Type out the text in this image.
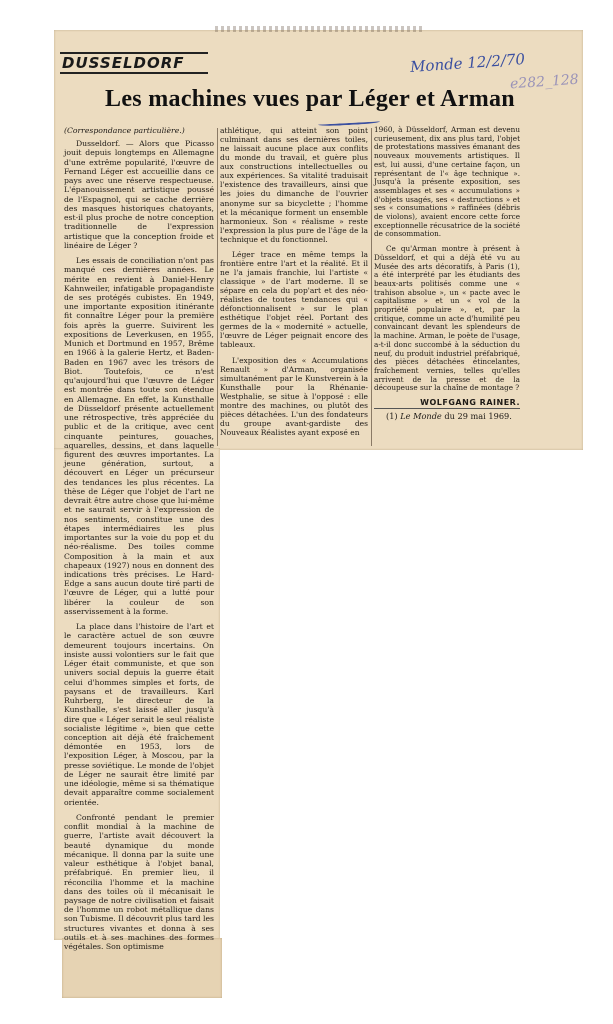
DUSSELDORF	Monde 12/2/70
e282_128
Les machines vues par Léger et Arman

(Correspondance particulière.)

Dusseldorf. — Alors que Picasso jouit depuis longtemps en Allemagne d'une extrême popularité, l'œuvre de Fernand Léger est accueillie dans ce pays avec une réserve respectueuse. L'épanouissement artistique poussé de l'Espagnol, qui se cache derrière des masques historiques chatoyants, est-il plus proche de notre conception traditionnelle de l'expression artistique que la conception froide et linéaire de Léger ?

Les essais de conciliation n'ont pas manqué ces dernières années. Le mérite en revient à Daniel-Henry Kahnweiler, infatigable propagandiste de ses protégés cubistes. En 1949, une importante exposition itinérante fit connaître Léger pour la première fois après la guerre. Suivirent les expositions de Leverkusen, en 1955, Munich et Dortmund en 1957, Brême en 1966 à la galerie Hertz, et Baden-Baden en 1967 avec les trésors de Biot. Toutefois, ce n'est qu'aujourd'hui que l'œuvre de Léger est montrée dans toute son étendue en Allemagne. En effet, la Kunsthalle de Düsseldorf présente actuellement une rétrospective, très appréciée du public et de la critique, avec cent cinquante peintures, gouaches, aquarelles, dessins, et dans laquelle figurent des œuvres importantes. La jeune génération, surtout, a découvert en Léger un précurseur des tendances les plus récentes. La thèse de Léger que l'objet de l'art ne devrait être autre chose que lui-même et ne saurait servir à l'expression de nos sentiments, constitue une des étapes intermédiaires les plus importantes sur la voie du pop et du néo-réalisme. Des toiles comme Composition à la main et aux chapeaux (1927) nous en donnent des indications très précises. Le Hard-Edge a sans aucun doute tiré parti de l'œuvre de Léger, qui a lutté pour libérer la couleur de son asservissement à la forme.

La place dans l'histoire de l'art et le caractère actuel de son œuvre demeurent toujours incertains. On insiste aussi volontiers sur le fait que Léger était communiste, et que son univers social depuis la guerre était celui d'hommes simples et forts, de paysans et de travailleurs. Karl Ruhrberg, le directeur de la Kunsthalle, s'est laissé aller jusqu'à dire que « Léger serait le seul réaliste socialiste légitime », bien que cette conception ait déjà été fraîchement démontée en 1953, lors de l'exposition Léger, à Moscou, par la presse soviétique. Le monde de l'objet de Léger ne saurait être limité par une idéologie, même si sa thématique devait apparaître comme socialement orientée.

Confronté pendant le premier conflit mondial à la machine de guerre, l'artiste avait découvert la beauté dynamique du monde mécanique. Il donna par la suite une valeur esthétique à l'objet banal, préfabriqué. En premier lieu, il réconcilia l'homme et la machine dans des toiles où il mécanisait le paysage de notre civilisation et faisait de l'homme un robot métallique dans son Tubisme. Il découvrit plus tard les structures vivantes et donna à ses outils et à ses machines des formes végétales. Son optimisme

athlétique, qui atteint son point culminant dans ses dernières toiles, ne laissait aucune place aux conflits du monde du travail, et guère plus aux constructions intellectuelles ou aux expériences. Sa vitalité traduisait l'existence des travailleurs, ainsi que les joies du dimanche de l'ouvrier anonyme sur sa bicyclette ; l'homme et la mécanique forment un ensemble harmonieux. Son « réalisme » reste l'expression la plus pure de l'âge de la technique et du fonctionnel.

Léger trace en même temps la frontière entre l'art et la réalité. Et il ne l'a jamais franchie, lui l'artiste « classique » de l'art moderne. Il se sépare en cela du pop'art et des néo-réalistes de toutes tendances qui « défonctionnalisent » sur le plan esthétique l'objet réel. Portant des germes de la « modernité » actuelle, l'œuvre de Léger peignait encore des tableaux.

L'exposition des « Accumulations Renault » d'Arman, organisée simultanément par le Kunstverein à la Kunsthalle pour la Rhénanie-Westphalie, se situe à l'opposé : elle montre des machines, ou plutôt des pièces détachées. L'un des fondateurs du groupe avant-gardiste des Nouveaux Réalistes ayant exposé en

1960, à Düsseldorf, Arman est devenu curieusement, dix ans plus tard, l'objet de protestations massives émanant des nouveaux mouvements artistiques. Il est, lui aussi, d'une certaine façon, un représentant de l'« âge technique ». Jusqu'à la présente exposition, ses assemblages et ses « accumulations » d'objets usagés, ses « destructions » et ses « consumations » raffinées (débris de violons), avaient encore cette force exceptionnelle récusatrice de la société de consommation.

Ce qu'Arman montre à présent à Düsseldorf, et qui a déjà été vu au Musée des arts décoratifs, à Paris (1), a été interprété par les étudiants des beaux-arts politisés comme une « trahison absolue », un « pacte avec le capitalisme » et un « vol de la propriété populaire », et, par la critique, comme un acte d'humilité peu convaincant devant les splendeurs de la machine. Arman, le poète de l'usage, a-t-il donc succombé à la séduction du neuf, du produit industriel préfabriqué, des pièces détachées étincelantes, fraîchement vernies, telles qu'elles arrivent de la presse et de la découpeuse sur la chaîne de montage ?

WOLFGANG RAINER.

(1) Le Monde du 29 mai 1969.
